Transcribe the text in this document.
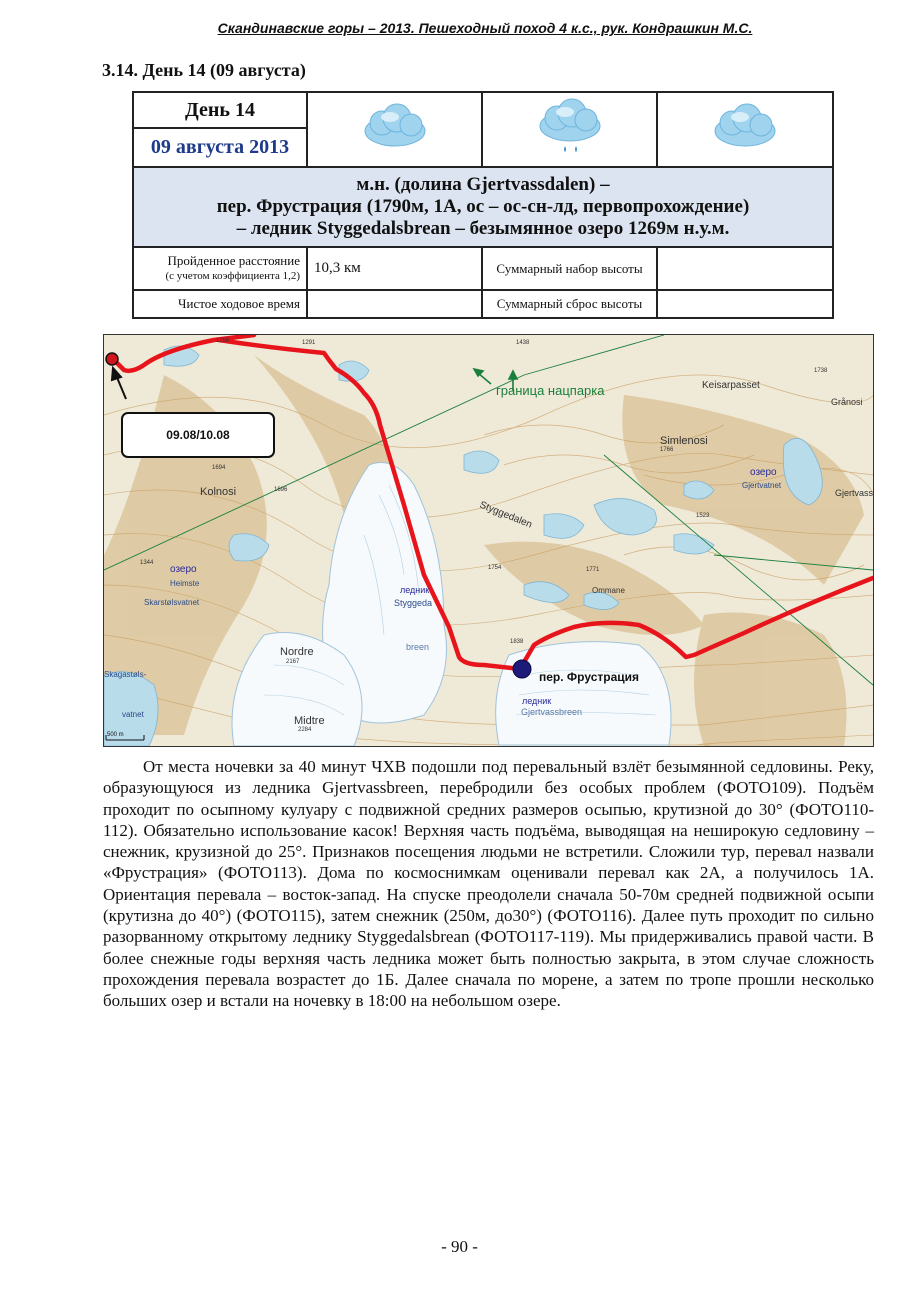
Скандинавские горы – 2013. Пешеходный поход 4 к.с., рук. Кондрашкин М.С.
3.14. День 14 (09 августа)
День 14			
09 августа 2013			

м.н. (долина Gjertvassdalen) –
пер. Фрустрация (1790м, 1А, ос – ос-сн-лд, первопрохождение)
– ледник Styggedalsbrean – безымянное озеро 1269м н.у.м.			

Пройденное расстояние
(с учетом коэффициента 1,2)	10,3 км	Суммарный набор высоты	
Чистое ходовое время		Суммарный сброс высоты	
09.08/10.08
пер. Фрустрация
граница нацпарка
Kolnosi
Nordre
Midtre
Simlenosi
Keisarpasset
Grånosi
Styggedalen
Ommane
Skarstølsvatnet
Heimste
озеро
озеро
Gjertvatnet
Gjertvass
ледник
Styggeda
breen
ледник
Gjertvassbreen
Skagastøls-
vatnet
1296	1291	1438
1738
1694
1696
1766
1523
1344
1754	1771
1838
2167
2284
500 m
От места ночевки за 40 минут ЧХВ подошли под перевальный взлёт безымянной седловины. Реку, образующуюся из ледника Gjertvassbreen, перебродили без особых проблем (ФОТО109). Подъём проходит по осыпному кулуару с подвижной средних размеров осыпью, крутизной до 30° (ФОТО110-112). Обязательно использование касок! Верхняя часть подъёма, выводящая на неширокую седловину – снежник, крузизной до 25°. Признаков посещения людьми не встретили. Сложили тур, перевал назвали «Фрустрация» (ФОТО113). Дома по космоснимкам оценивали перевал как 2А, а получилось 1А. Ориентация перевала – восток-запад. На спуске преодолели сначала 50-70м средней подвижной осыпи (крутизна до 40°) (ФОТО115), затем снежник (250м, до30°) (ФОТО116). Далее путь проходит по сильно разорванному открытому леднику Styggedalsbrean (ФОТО117-119). Мы придерживались правой части. В более снежные годы верхняя часть ледника может быть полностью закрыта, в этом случае сложность прохождения перевала возрастет до 1Б. Далее сначала по морене, а затем по тропе прошли несколько больших озер и встали на ночевку в 18:00 на небольшом озере.
- 90 -
